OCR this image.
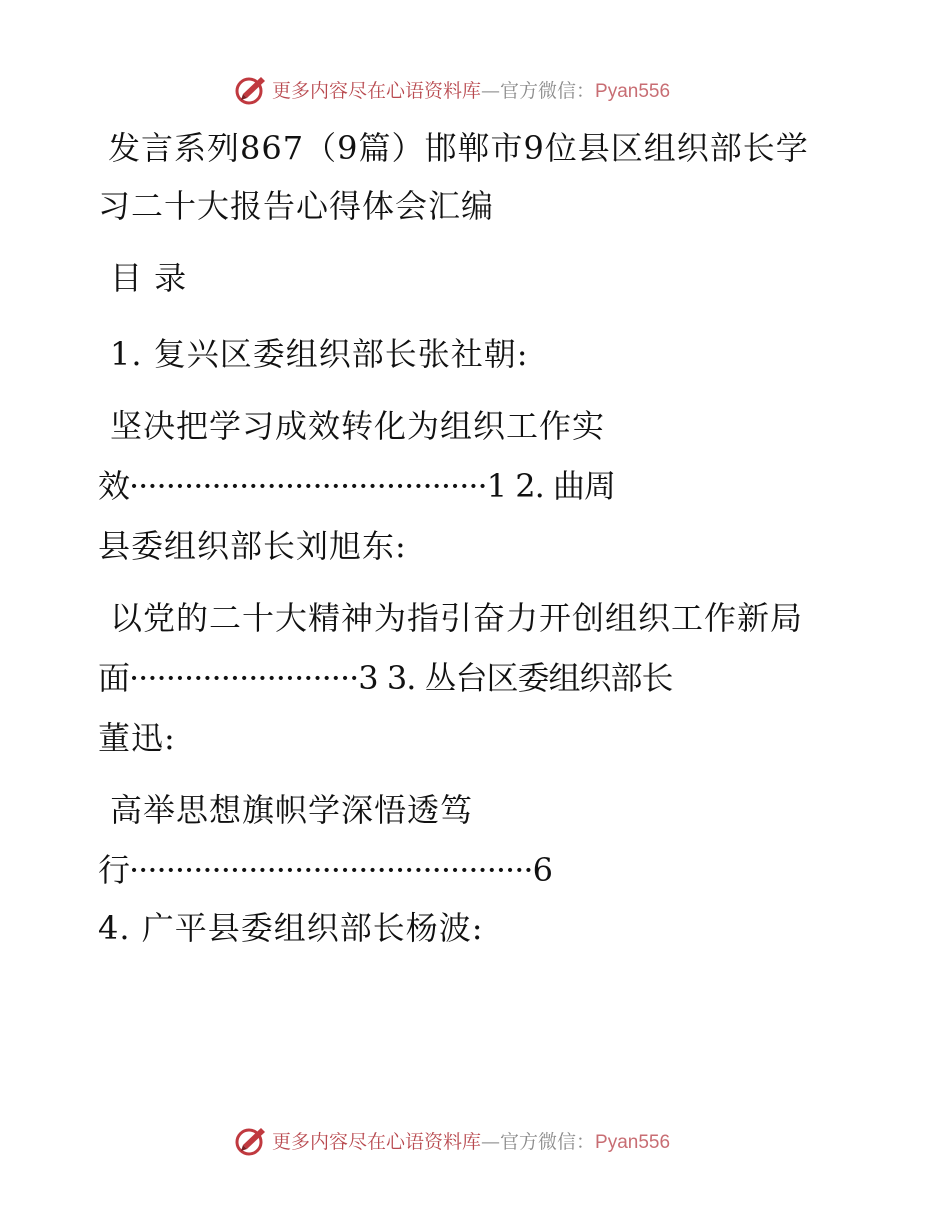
更多内容尽在心语资料库—官方微信：Pyan556
发言系列867（9篇）邯郸市9位县区组织部长学
习二十大报告心得体会汇编
目 录
1. 复兴区委组织部长张社朝:
坚决把学习成效转化为组织工作实
效·······································1 2. 曲周
县委组织部长刘旭东:
以党的二十大精神为指引奋力开创组织工作新局
面·························3 3. 丛台区委组织部长
董迅:
高举思想旗帜学深悟透笃
行············································6
4. 广平县委组织部长杨波:
更多内容尽在心语资料库—官方微信：Pyan556
